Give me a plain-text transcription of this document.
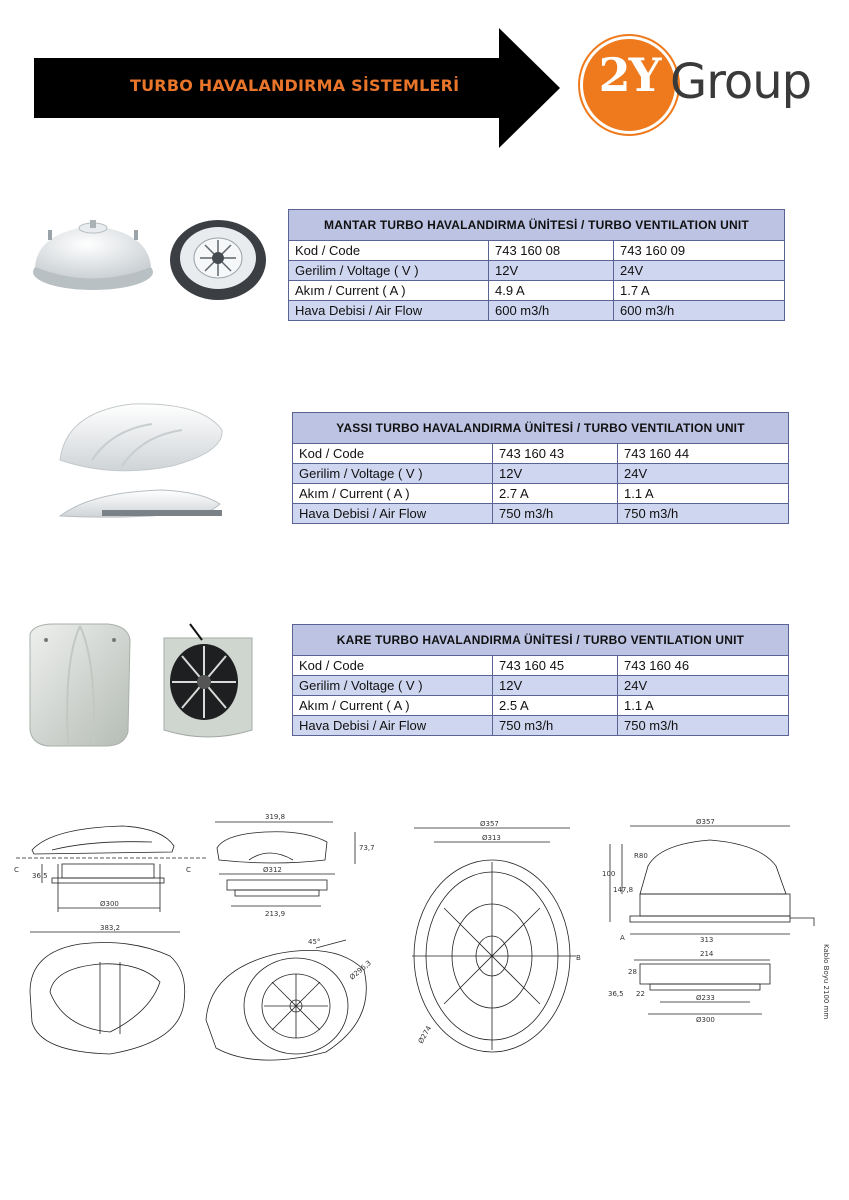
TURBO HAVALANDIRMA SİSTEMLERİ	2Y Group
MANTAR TURBO HAVALANDIRMA ÜNİTESİ / TURBO VENTILATION UNIT		
Kod / Code	743 160 08	743 160 09
Gerilim / Voltage ( V )	12V	24V
Akım / Current ( A )	4.9 A	1.7 A
Hava Debisi / Air Flow	600 m3/h	600 m3/h
YASSI TURBO HAVALANDIRMA ÜNİTESİ / TURBO VENTILATION UNIT		
Kod / Code	743 160 43	743 160 44
Gerilim / Voltage ( V )	12V	24V
Akım / Current ( A )	2.7 A	1.1 A
Hava Debisi / Air Flow	750 m3/h	750 m3/h
KARE TURBO HAVALANDIRMA ÜNİTESİ / TURBO VENTILATION UNIT		
Kod / Code	743 160 45	743 160 46
Gerilim / Voltage ( V )	12V	24V
Akım / Current ( A )	2.5 A	1.1 A
Hava Debisi / Air Flow	750 m3/h	750 m3/h
C	C
36,5
Ø300
383,2
319,8
73,7
Ø312
213,9
45°
Ø296,3
Ø357
Ø313
Ø274
B
Ø357
R80
100
147,8
313
214
28
36,5 22	Ø233
Ø300
A
Kablo Boyu 2100 mm
